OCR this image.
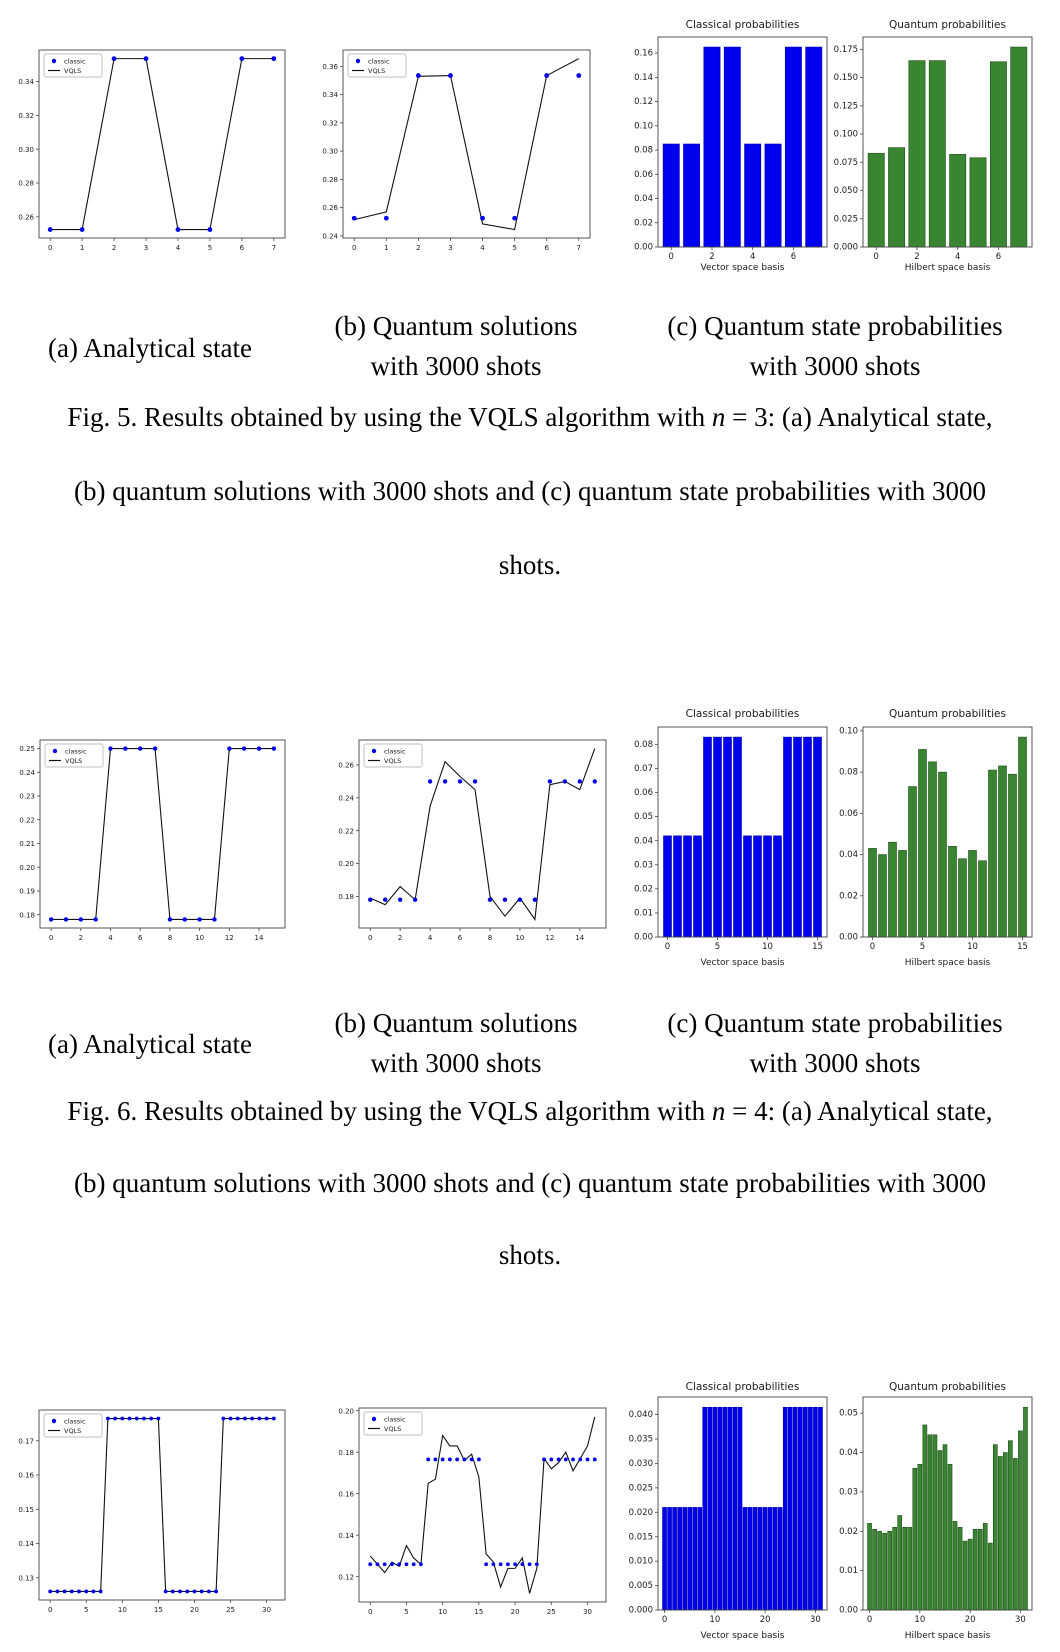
0.26
0.28
0.30
0.32
0.34
0	1	2	3	4	5	6	7
classic
VQLS
0.24
0.26
0.28
0.30
0.32
0.34
0.36
0	1	2	3	4	5	6	7
classic
VQLS
Classical probabilities
0.00
0.02
0.04
0.06
0.08
0.10
0.12
0.14
0.16
0	2	4	6
Vector space basis
Quantum probabilities
0.000
0.025
0.050
0.075
0.100
0.125
0.150
0.175
0	2	4	6
Hilbert space basis
(a) Analytical state
(b) Quantum solutions
with 3000 shots
(c) Quantum state probabilities
with 3000 shots
Fig. 5. Results obtained by using the VQLS algorithm with n = 3: (a) Analytical state,
(b) quantum solutions with 3000 shots and (c) quantum state probabilities with 3000
shots.
0.18
0.19
0.20
0.21
0.22
0.23
0.24
0.25
0	2	4	6	8	10	12	14
classic
VQLS
0.18
0.20
0.22
0.24
0.26
0	2	4	6	8	10	12	14
classic
VQLS
Classical probabilities
0.00
0.01
0.02
0.03
0.04
0.05
0.06
0.07
0.08
0	5	10	15
Vector space basis
Quantum probabilities
0.00
0.02
0.04
0.06
0.08
0.10
0	5	10	15
Hilbert space basis
(a) Analytical state
(b) Quantum solutions
with 3000 shots
(c) Quantum state probabilities
with 3000 shots
Fig. 6. Results obtained by using the VQLS algorithm with n = 4: (a) Analytical state,
(b) quantum solutions with 3000 shots and (c) quantum state probabilities with 3000
shots.
0.13
0.14
0.15
0.16
0.17
0	5	10	15	20	25	30
classic
VQLS
0.12
0.14
0.16
0.18
0.20
0	5	10	15	20	25	30
classic
VQLS
Classical probabilities
0.000
0.005
0.010
0.015
0.020
0.025
0.030
0.035
0.040
0	10	20	30
Vector space basis
Quantum probabilities
0.00
0.01
0.02
0.03
0.04
0.05
0	10	20	30
Hilbert space basis
